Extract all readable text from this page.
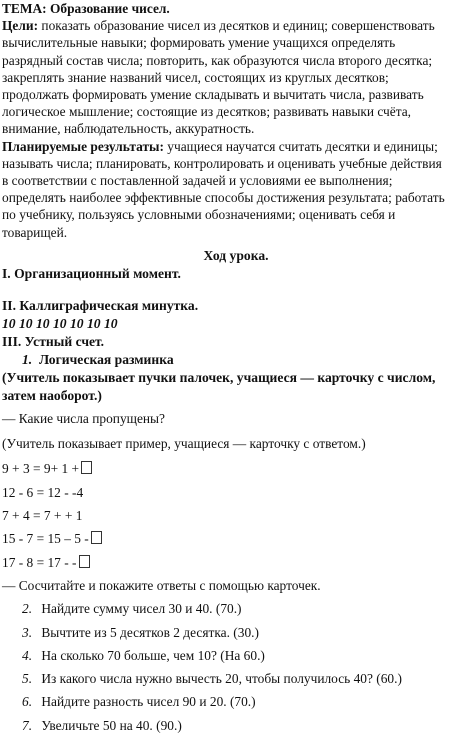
ТЕМА: Образование чисел.

Цели: показать образование чисел из десятков и единиц; совершенствовать

вычислительные навыки; формировать умение учащихся определять

разрядный состав числа; повторить, как образуются числа второго десятка;

закреплять знание названий чисел, состоящих из круглых десятков;

продолжать формировать умение складывать и вычитать числа, развивать

логическое мышление; состоящие из десятков; развивать навыки счёта,

внимание, наблюдательность, аккуратность.

Планируемые результаты: учащиеся научатся считать десятки и единицы;

называть числа; планировать, контролировать и оценивать учебные действия

в соответствии с поставленной задачей и условиями ее выполнения;

определять наиболее эффективные способы достижения результата; работать

по учебнику, пользуясь условными обозначениями; оценивать себя и

товарищей.

Ход урока.
I. Организационный момент.
II. Каллиграфическая минутка.
10 10 10 10 10 10 10
III. Устный счет.
1. Логическая разминка
(Учитель показывает пучки палочек, учащиеся — карточку с числом,
затем наоборот.)
— Какие числа пропущены?
(Учитель показывает пример, учащиеся — карточку с ответом.)
9 + 3 = 9+ 1 +
12 - 6 = 12 - -4
7 + 4 = 7 + + 1
15 - 7 = 15 – 5 -
17 - 8 = 17 - -
— Сосчитайте и покажите ответы с помощью карточек.
2. Найдите сумму чисел 30 и 40. (70.)
3. Вычтите из 5 десятков 2 десятка. (30.)
4. На сколько 70 больше, чем 10? (На 60.)
5. Из какого числа нужно вычесть 20, чтобы получилось 40? (60.)
6. Найдите разность чисел 90 и 20. (70.)
7. Увеличьте 50 на 40. (90.)
